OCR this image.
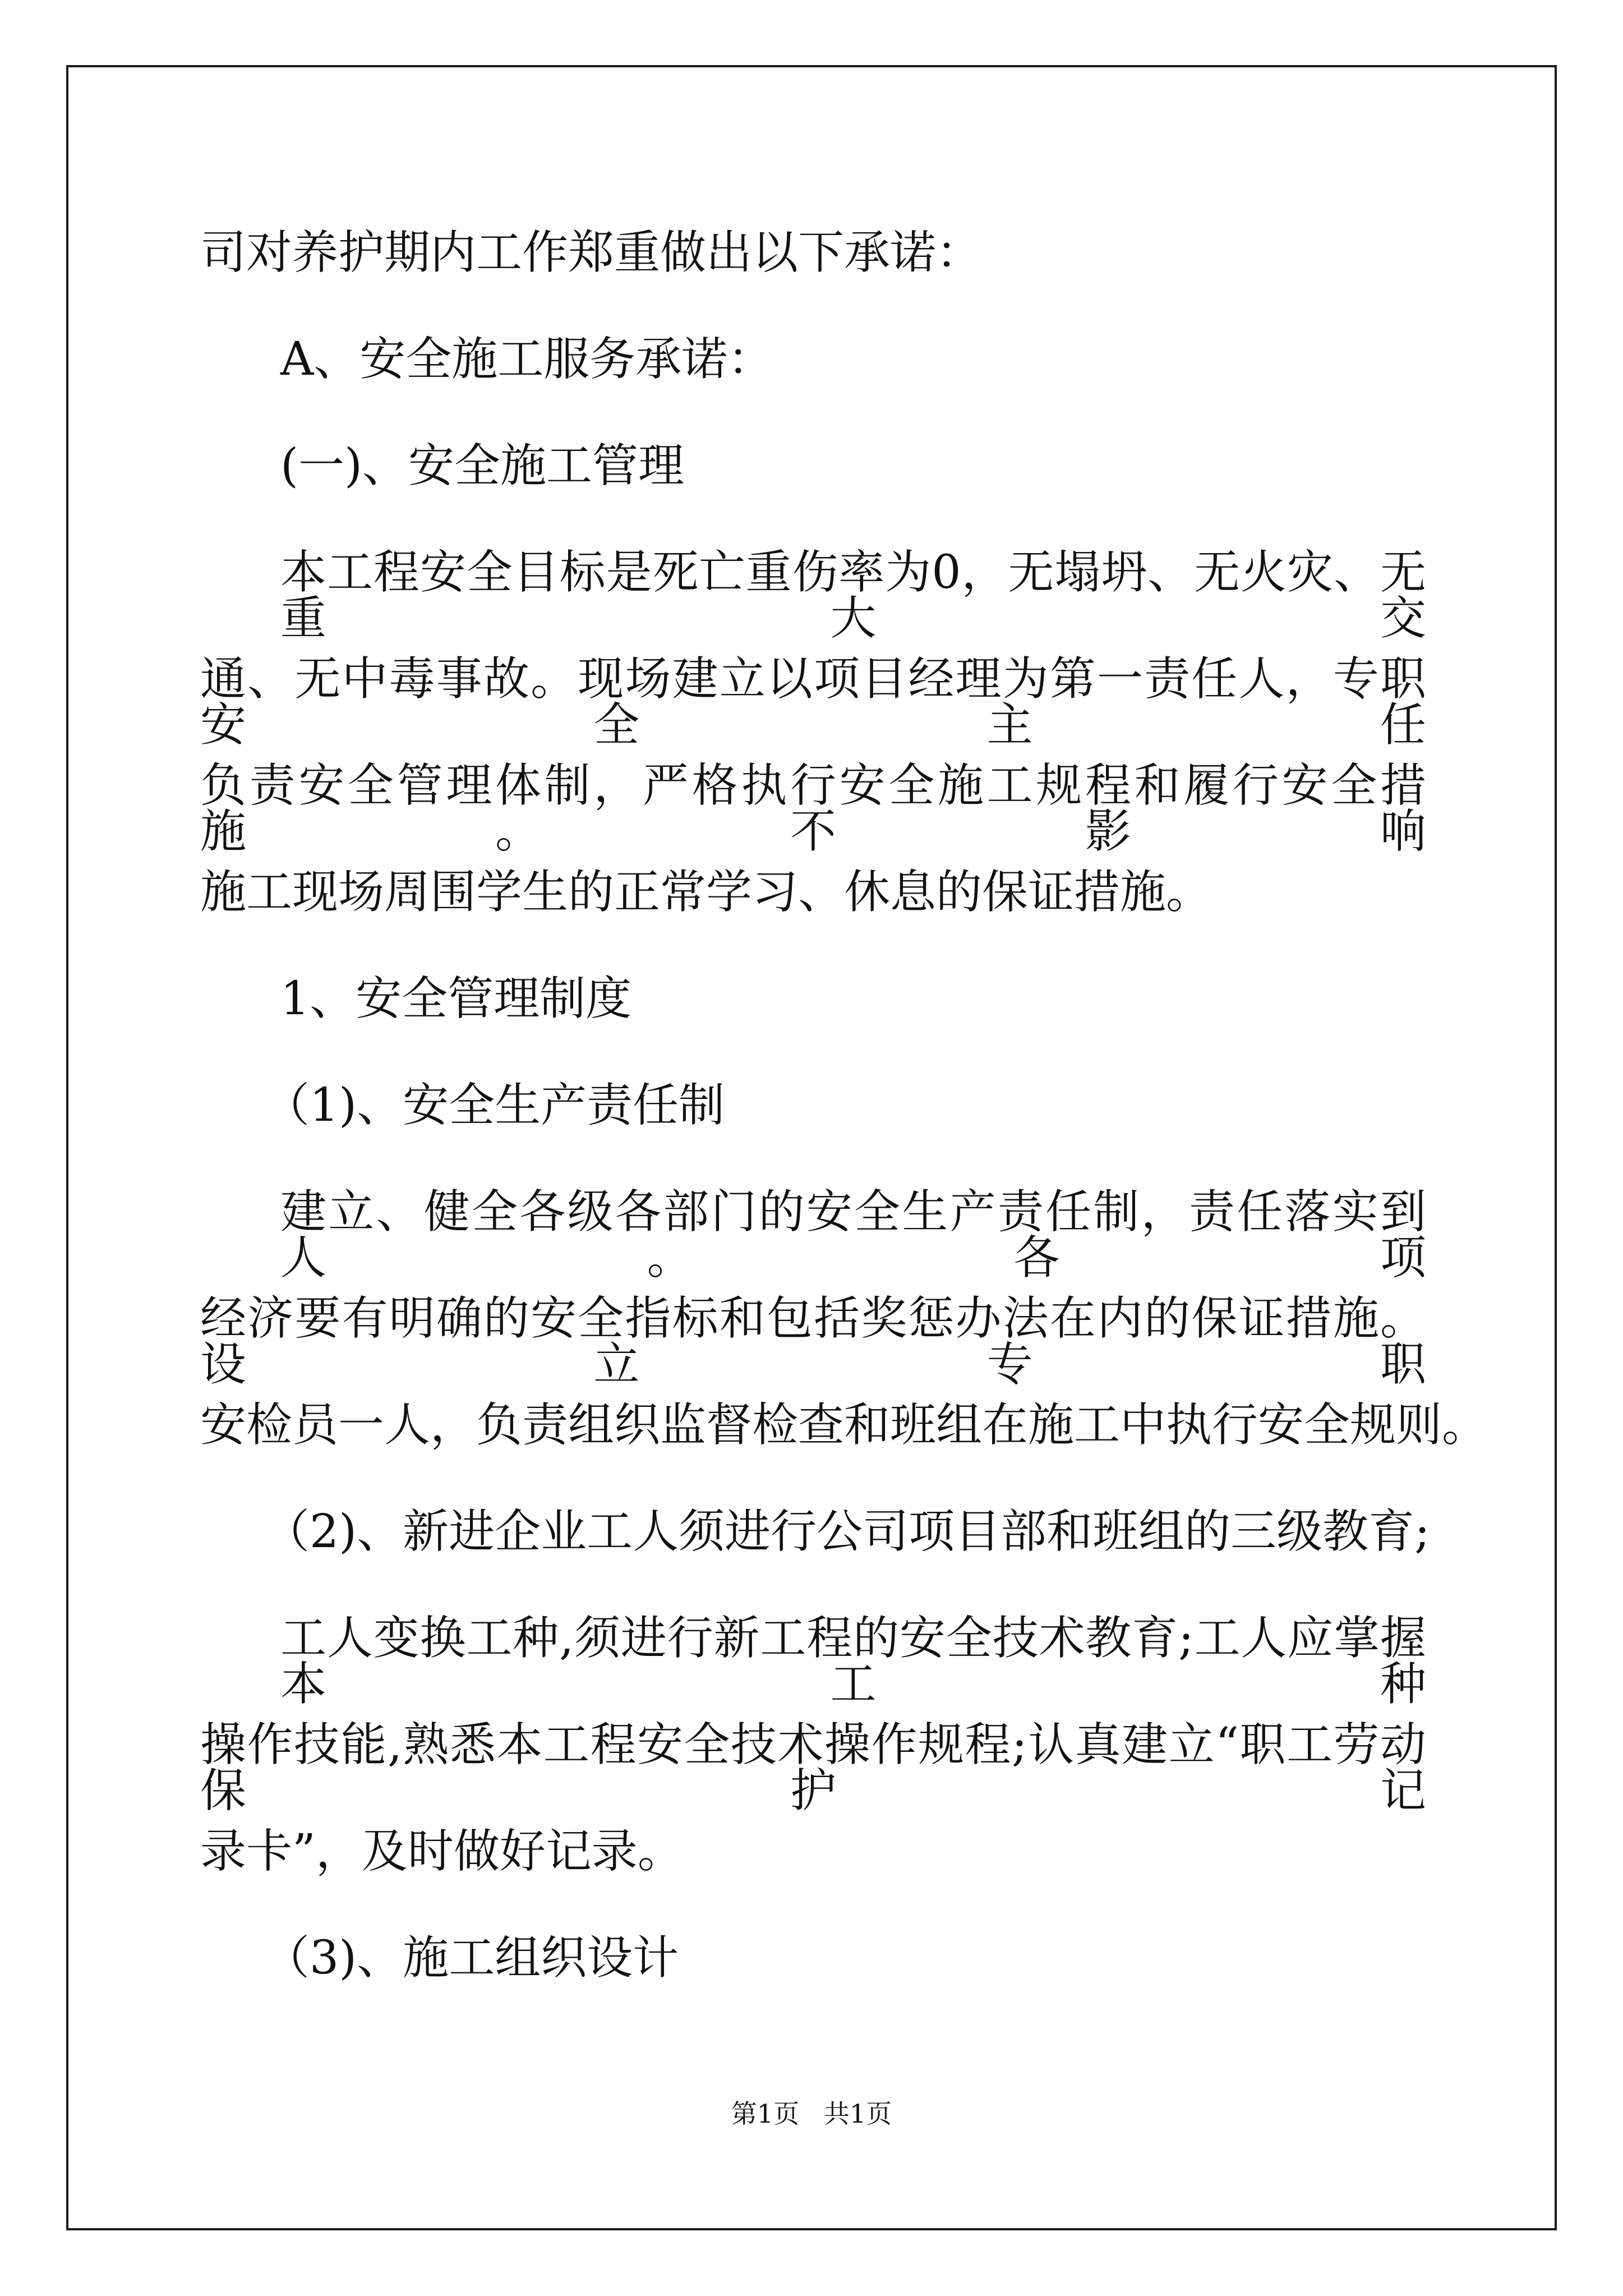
司对养护期内工作郑重做出以下承诺：

A、安全施工服务承诺：

(一)、安全施工管理

本工程安全目标是死亡重伤率为0，无塌坍、无火灾、无重大交

通、无中毒事故。现场建立以项目经理为第一责任人，专职安全主任

负责安全管理体制，严格执行安全施工规程和履行安全措施。不影响

施工现场周围学生的正常学习、休息的保证措施。

1、安全管理制度

（1)、安全生产责任制

建立、健全各级各部门的安全生产责任制，责任落实到人。各项

经济要有明确的安全指标和包括奖惩办法在内的保证措施。设立专职

安检员一人，负责组织监督检查和班组在施工中执行安全规则。

（2)、新进企业工人须进行公司项目部和班组的三级教育;

工人变换工种,须进行新工程的安全技术教育;工人应掌握本工种

操作技能,熟悉本工程安全技术操作规程;认真建立“职工劳动保护记

录卡”，及时做好记录。

（3)、施工组织设计

第1页   共1页
